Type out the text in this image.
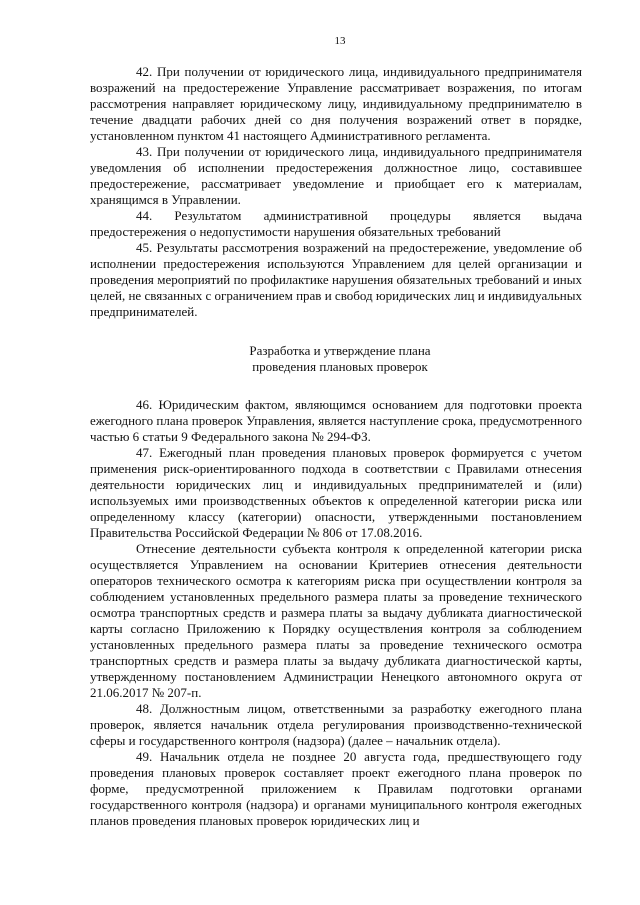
13

42. При получении от юридического лица, индивидуального предпринимателя возражений на предостережение Управление рассматривает возражения, по итогам рассмотрения направляет юридическому лицу, индивидуальному предпринимателю в течение двадцати рабочих дней со дня получения возражений ответ в порядке, установленном пунктом 41 настоящего Административного регламента.

43. При получении от юридического лица, индивидуального предпринимателя уведомления об исполнении предостережения должностное лицо, составившее предостережение, рассматривает уведомление и приобщает его к материалам, хранящимся в Управлении.

44. Результатом административной процедуры является выдача предостережения о недопустимости нарушения обязательных требований

45. Результаты рассмотрения возражений на предостережение, уведомление об исполнении предостережения используются Управлением для целей организации и проведения мероприятий по профилактике нарушения обязательных требований и иных целей, не связанных с ограничением прав и свобод юридических лиц и индивидуальных предпринимателей.

Разработка и утверждение плана
проведения плановых проверок

46. Юридическим фактом, являющимся основанием для подготовки проекта ежегодного плана проверок Управления, является наступление срока, предусмотренного частью 6 статьи 9 Федерального закона № 294-ФЗ.

47. Ежегодный план проведения плановых проверок формируется с учетом применения риск-ориентированного подхода в соответствии с Правилами отнесения деятельности юридических лиц и индивидуальных предпринимателей и (или) используемых ими производственных объектов к определенной категории риска или определенному классу (категории) опасности, утвержденными постановлением Правительства Российской Федерации № 806 от 17.08.2016.

Отнесение деятельности субъекта контроля к определенной категории риска осуществляется Управлением на основании Критериев отнесения деятельности операторов технического осмотра к категориям риска при осуществлении контроля за соблюдением установленных предельного размера платы за проведение технического осмотра транспортных средств и размера платы за выдачу дубликата диагностической карты согласно Приложению к Порядку осуществления контроля за соблюдением установленных предельного размера платы за проведение технического осмотра транспортных средств и размера платы за выдачу дубликата диагностической карты, утвержденному постановлением Администрации Ненецкого автономного округа от 21.06.2017 № 207-п.

48. Должностным лицом, ответственными за разработку ежегодного плана проверок, является начальник отдела регулирования производственно-технической сферы и государственного контроля (надзора) (далее – начальник отдела).

49. Начальник отдела не позднее 20 августа года, предшествующего году проведения плановых проверок составляет проект ежегодного плана проверок по форме, предусмотренной приложением к Правилам подготовки органами государственного контроля (надзора) и органами муниципального контроля ежегодных планов проведения плановых проверок юридических лиц и
